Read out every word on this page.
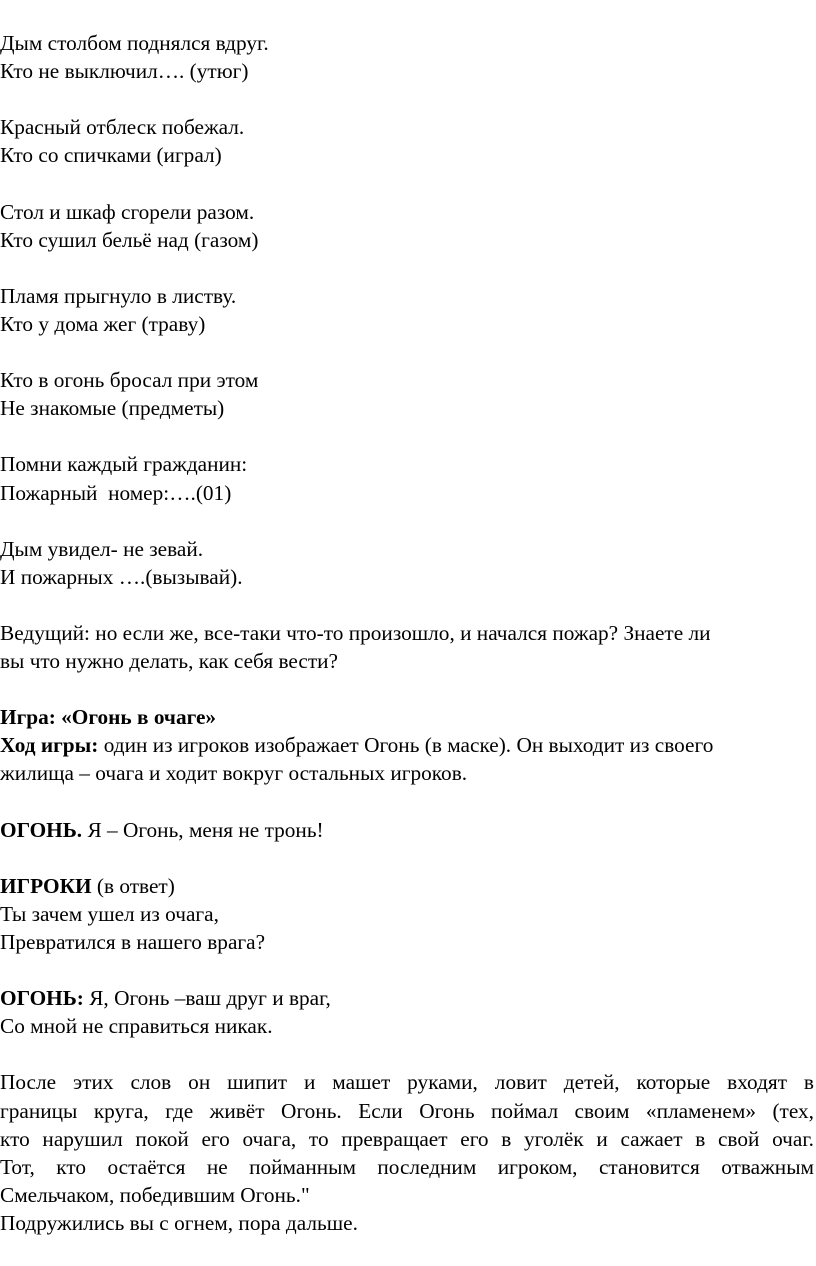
Дым столбом поднялся вдруг.
Кто не выключил…. (утюг)
Красный отблеск побежал.
Кто со спичками (играл)
Стол и шкаф сгорели разом.
Кто сушил бельё над (газом)
Пламя прыгнуло в листву.
Кто у дома жег (траву)
Кто в огонь бросал при этом
Не знакомые (предметы)
Помни каждый гражданин:
Пожарный  номер:….(01)
Дым увидел- не зевай.
И пожарных ….(вызывай).
Ведущий: но если же, все-таки что-то произошло, и начался пожар? Знаете ли
вы что нужно делать, как себя вести?
Игра: «Огонь в очаге»
Ход игры: один из игроков изображает Огонь (в маске). Он выходит из своего
жилища – очага и ходит вокруг остальных игроков.
ОГОНЬ. Я – Огонь, меня не тронь!
ИГРОКИ (в ответ)
Ты зачем ушел из очага,
Превратился в нашего врага?
ОГОНЬ: Я, Огонь –ваш друг и враг,
Со мной не справиться никак.
После этих слов он шипит и машет руками, ловит детей, которые входят в
границы круга, где живёт Огонь. Если Огонь поймал своим «пламенем» (тех,
кто нарушил покой его очага, то превращает его в уголёк и сажает в свой очаг.
Тот, кто остаётся не пойманным последним игроком, становится отважным
Смельчаком, победившим Огонь."
Подружились вы с огнем, пора дальше.
